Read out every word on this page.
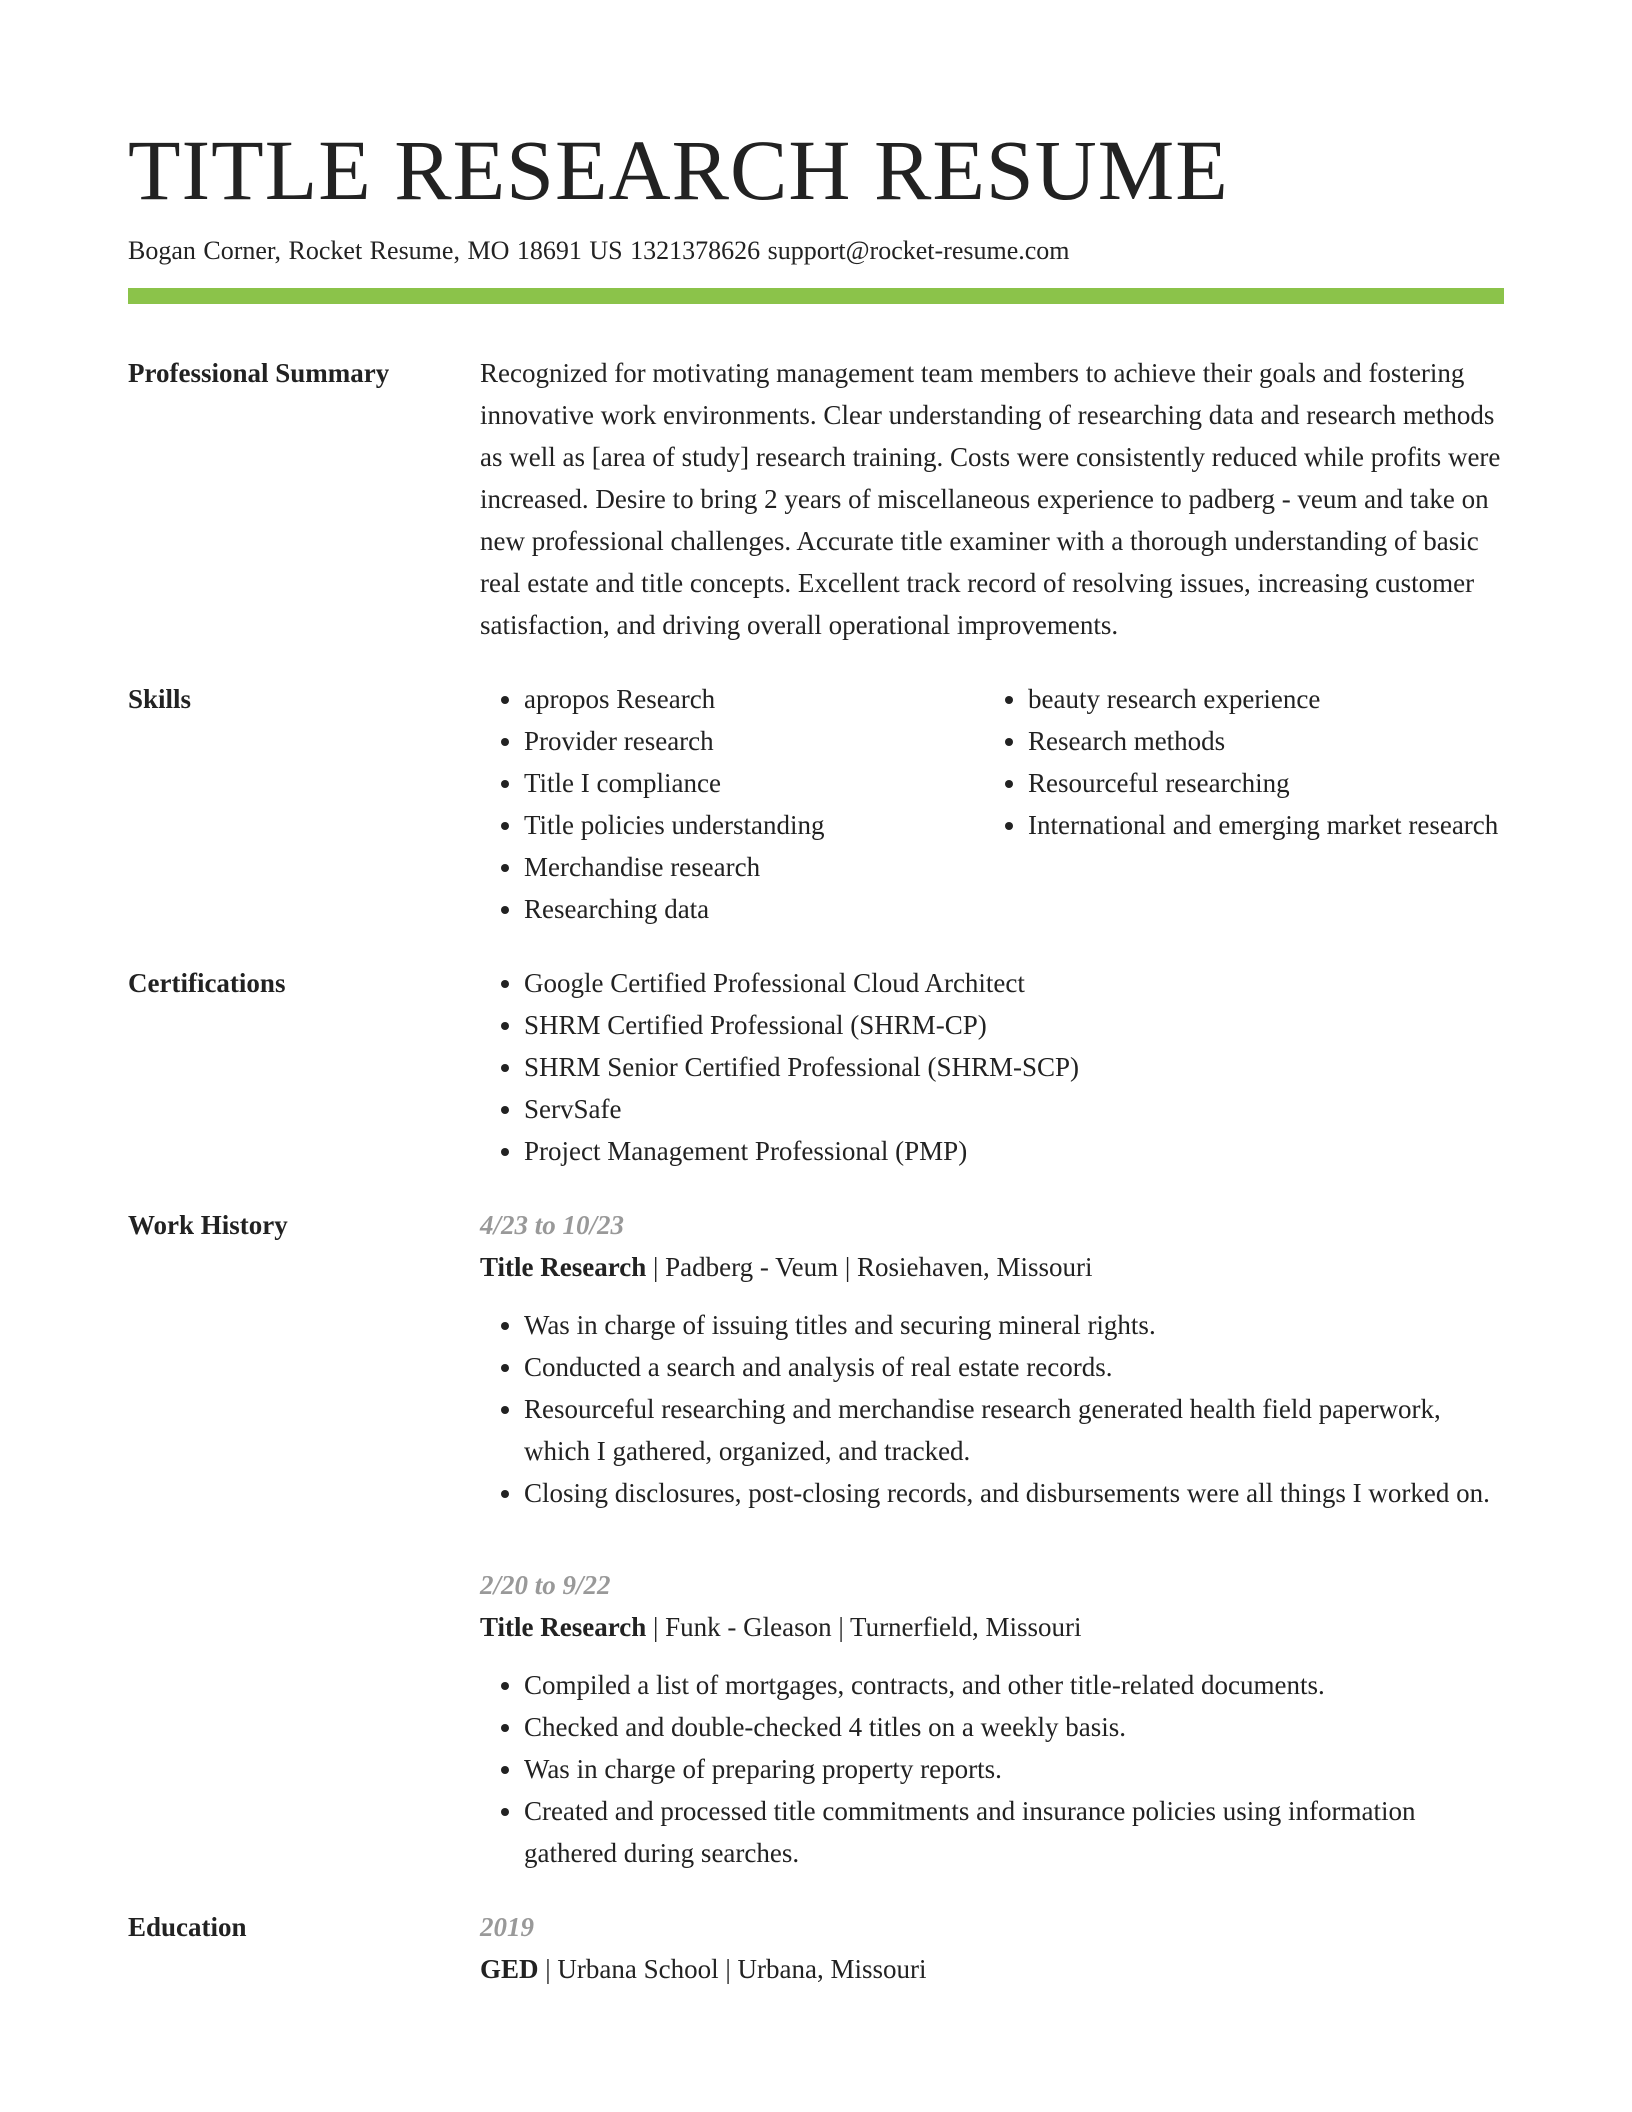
TITLE RESEARCH RESUME
Bogan Corner, Rocket Resume, MO 18691 US 1321378626 support@rocket-resume.com
Professional Summary	Recognized for motivating management team members to achieve their goals and fostering innovative work environments. Clear understanding of researching data and research methods as well as [area of study] research training. Costs were consistently reduced while profits were increased. Desire to bring 2 years of miscellaneous experience to padberg - veum and take on new professional challenges. Accurate title examiner with a thorough understanding of basic real estate and title concepts. Excellent track record of resolving issues, increasing customer satisfaction, and driving overall operational improvements.

Skills	• apropos Research
• Provider research
• Title I compliance
• Title policies understanding
• Merchandise research
• Researching data
• beauty research experience
• Research methods
• Resourceful researching
• International and emerging market research
Certifications	• Google Certified Professional Cloud Architect
• SHRM Certified Professional (SHRM-CP)
• SHRM Senior Certified Professional (SHRM-SCP)
• ServSafe
• Project Management Professional (PMP)
Work History	4/23 to 10/23
Title Research | Padberg - Veum | Rosiehaven, Missouri
• Was in charge of issuing titles and securing mineral rights.
• Conducted a search and analysis of real estate records.
• Resourceful researching and merchandise research generated health field paperwork, which I gathered, organized, and tracked.
• Closing disclosures, post-closing records, and disbursements were all things I worked on.
2/20 to 9/22
Title Research | Funk - Gleason | Turnerfield, Missouri
• Compiled a list of mortgages, contracts, and other title-related documents.
• Checked and double-checked 4 titles on a weekly basis.
• Was in charge of preparing property reports.
• Created and processed title commitments and insurance policies using information gathered during searches.
Education	2019
GED | Urbana School | Urbana, Missouri
